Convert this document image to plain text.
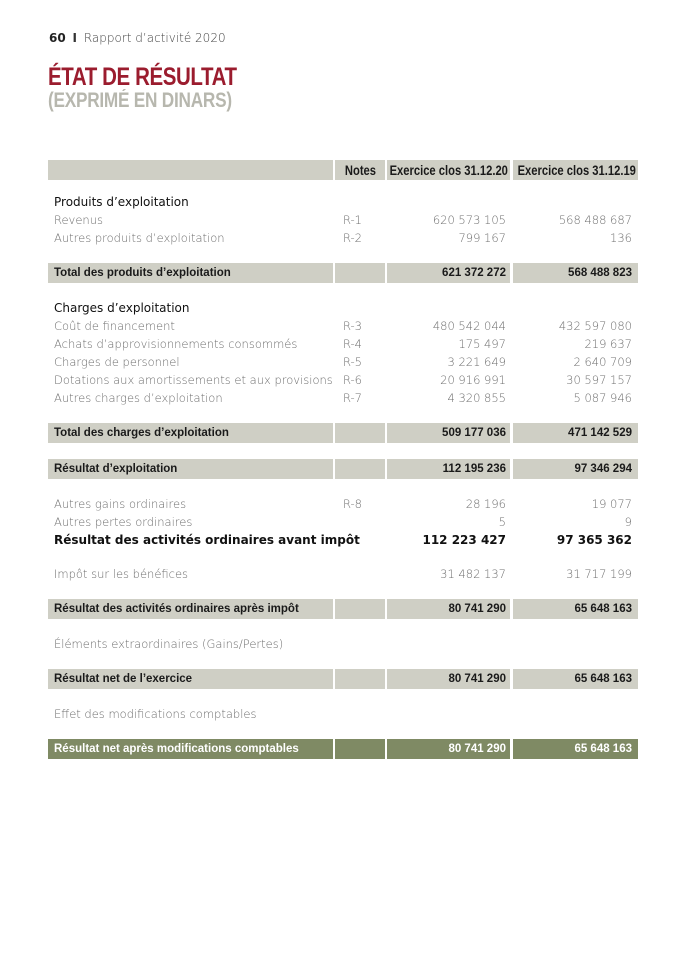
60 I Rapport d’activité 2020
ÉTAT DE RÉSULTAT
(EXPRIMÉ EN DINARS)
Notes Exercice clos 31.12.20 Exercice clos 31.12.19
Produits d’exploitation
Revenus	R-1	620 573 105	568 488 687
Autres produits d’exploitation	R-2	799 167	136
Total des produits d’exploitation	621 372 272	568 488 823
Charges d’exploitation
Coût de financement	R-3	480 542 044	432 597 080
Achats d’approvisionnements consommés	R-4	175 497	219 637
Charges de personnel	R-5	3 221 649	2 640 709
Dotations aux amortissements et aux provisions R-6	20 916 991	30 597 157
Autres charges d’exploitation	R-7	4 320 855	5 087 946
Total des charges d’exploitation	509 177 036	471 142 529
Résultat d’exploitation	112 195 236	97 346 294
Autres gains ordinaires	R-8	28 196	19 077
Autres pertes ordinaires	5	9
Résultat des activités ordinaires avant impôt	112 223 427	97 365 362
Impôt sur les bénéfices	31 482 137	31 717 199
Résultat des activités ordinaires après impôt	80 741 290	65 648 163
Éléments extraordinaires (Gains/Pertes)
Résultat net de l’exercice	80 741 290	65 648 163
Effet des modifications comptables
Résultat net après modifications comptables	80 741 290	65 648 163
